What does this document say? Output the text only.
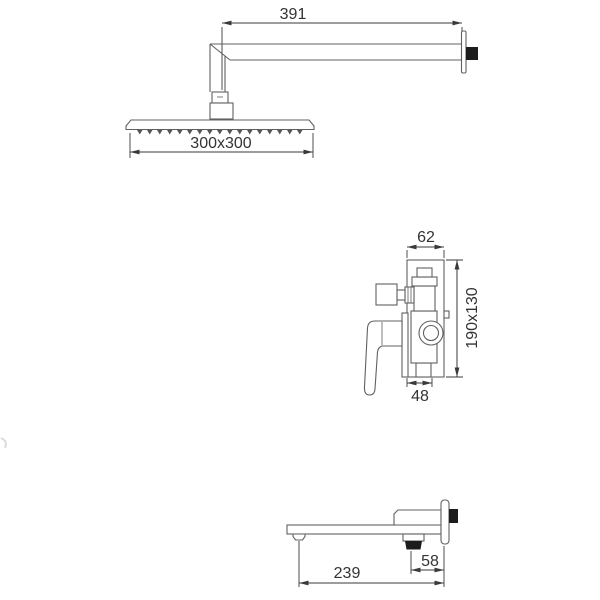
391
300x300
62
190x130
48
58
239
